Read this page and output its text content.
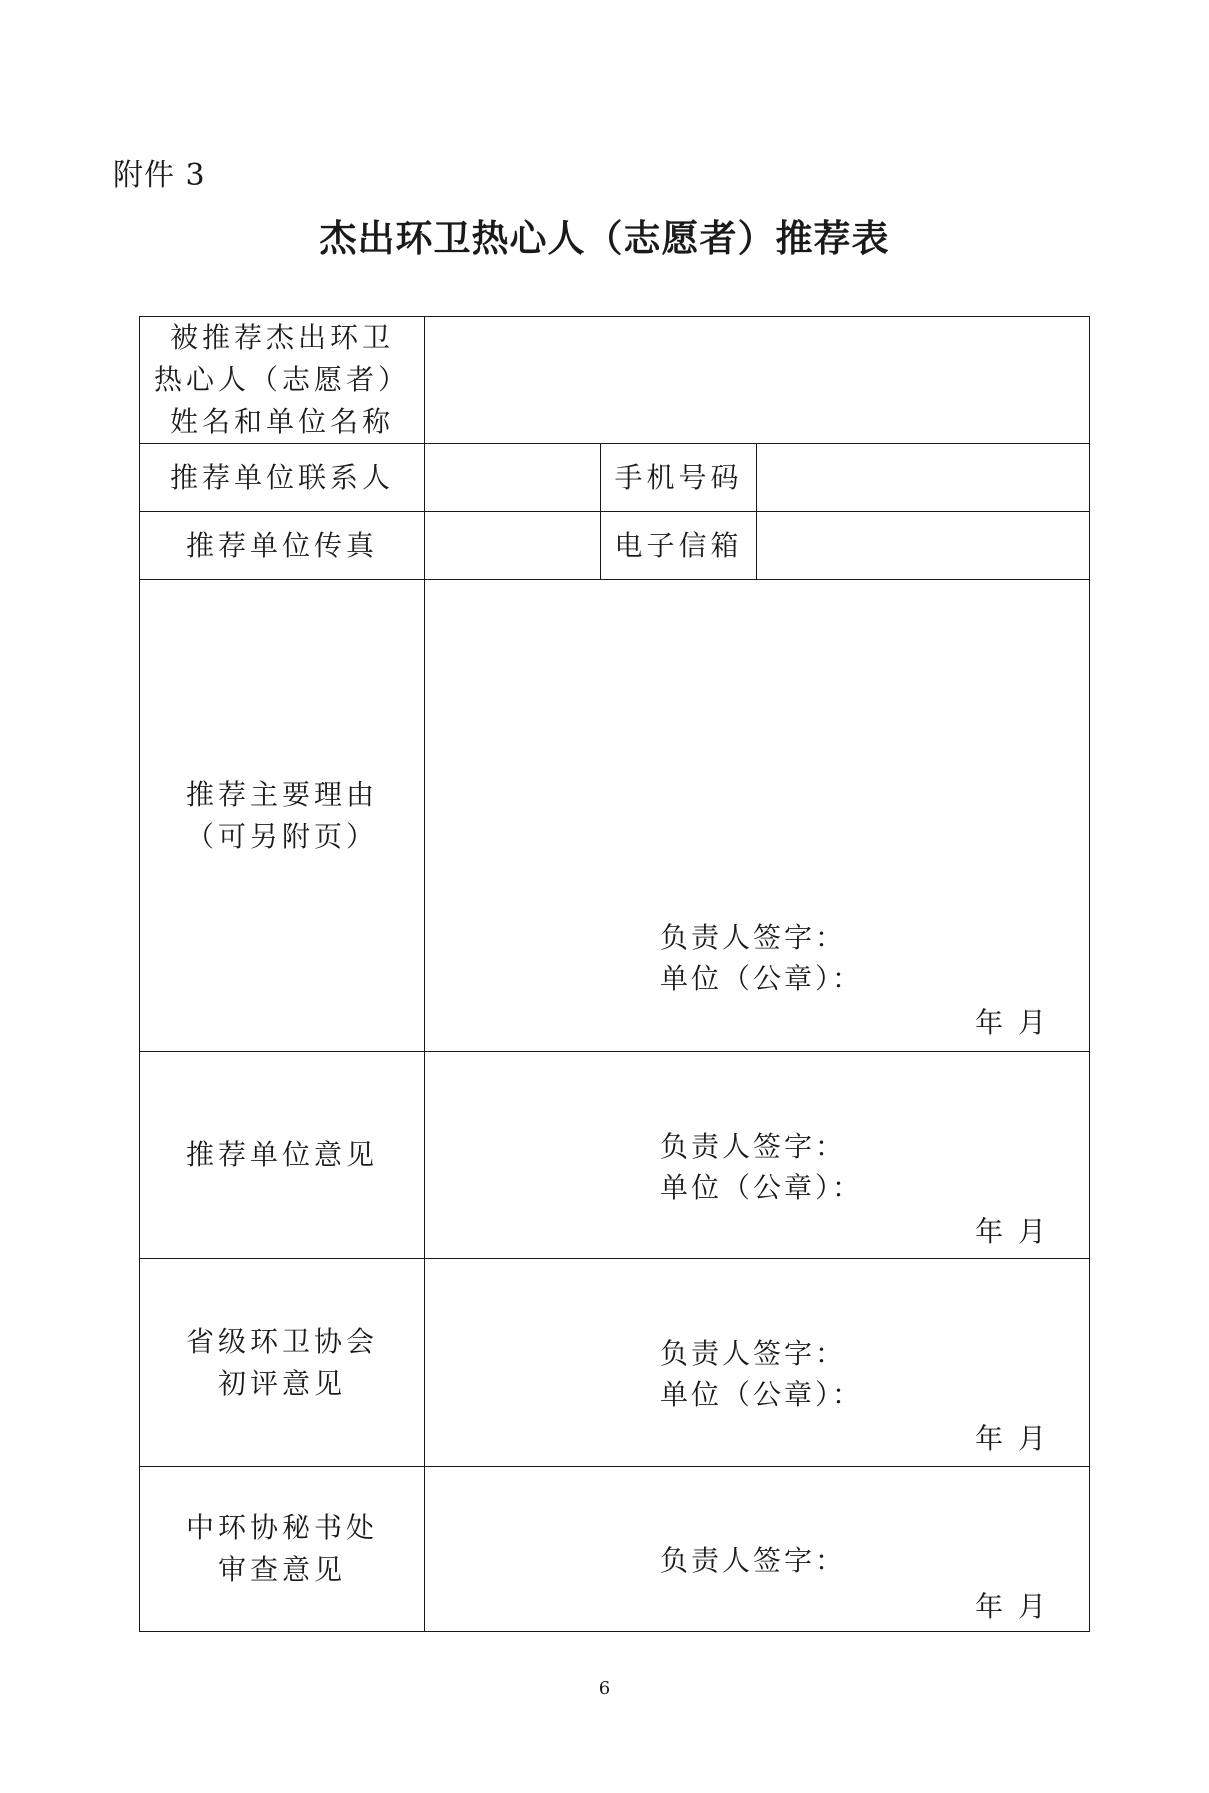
附件 3
杰出环卫热心人（志愿者）推荐表
被推荐杰出环卫
热心人（志愿者）
姓名和单位名称			

推荐单位联系人		手机号码	
推荐单位传真		电子信箱	

推荐主要理由
（可另附页）	负责人签字：
单位（公章）：
年 月		

推荐单位意见	负责人签字：
单位（公章）：
年 月		

省级环卫协会
初评意见	负责人签字：
单位（公章）：
年 月		

中环协秘书处
审查意见	负责人签字：
年 月		
6
